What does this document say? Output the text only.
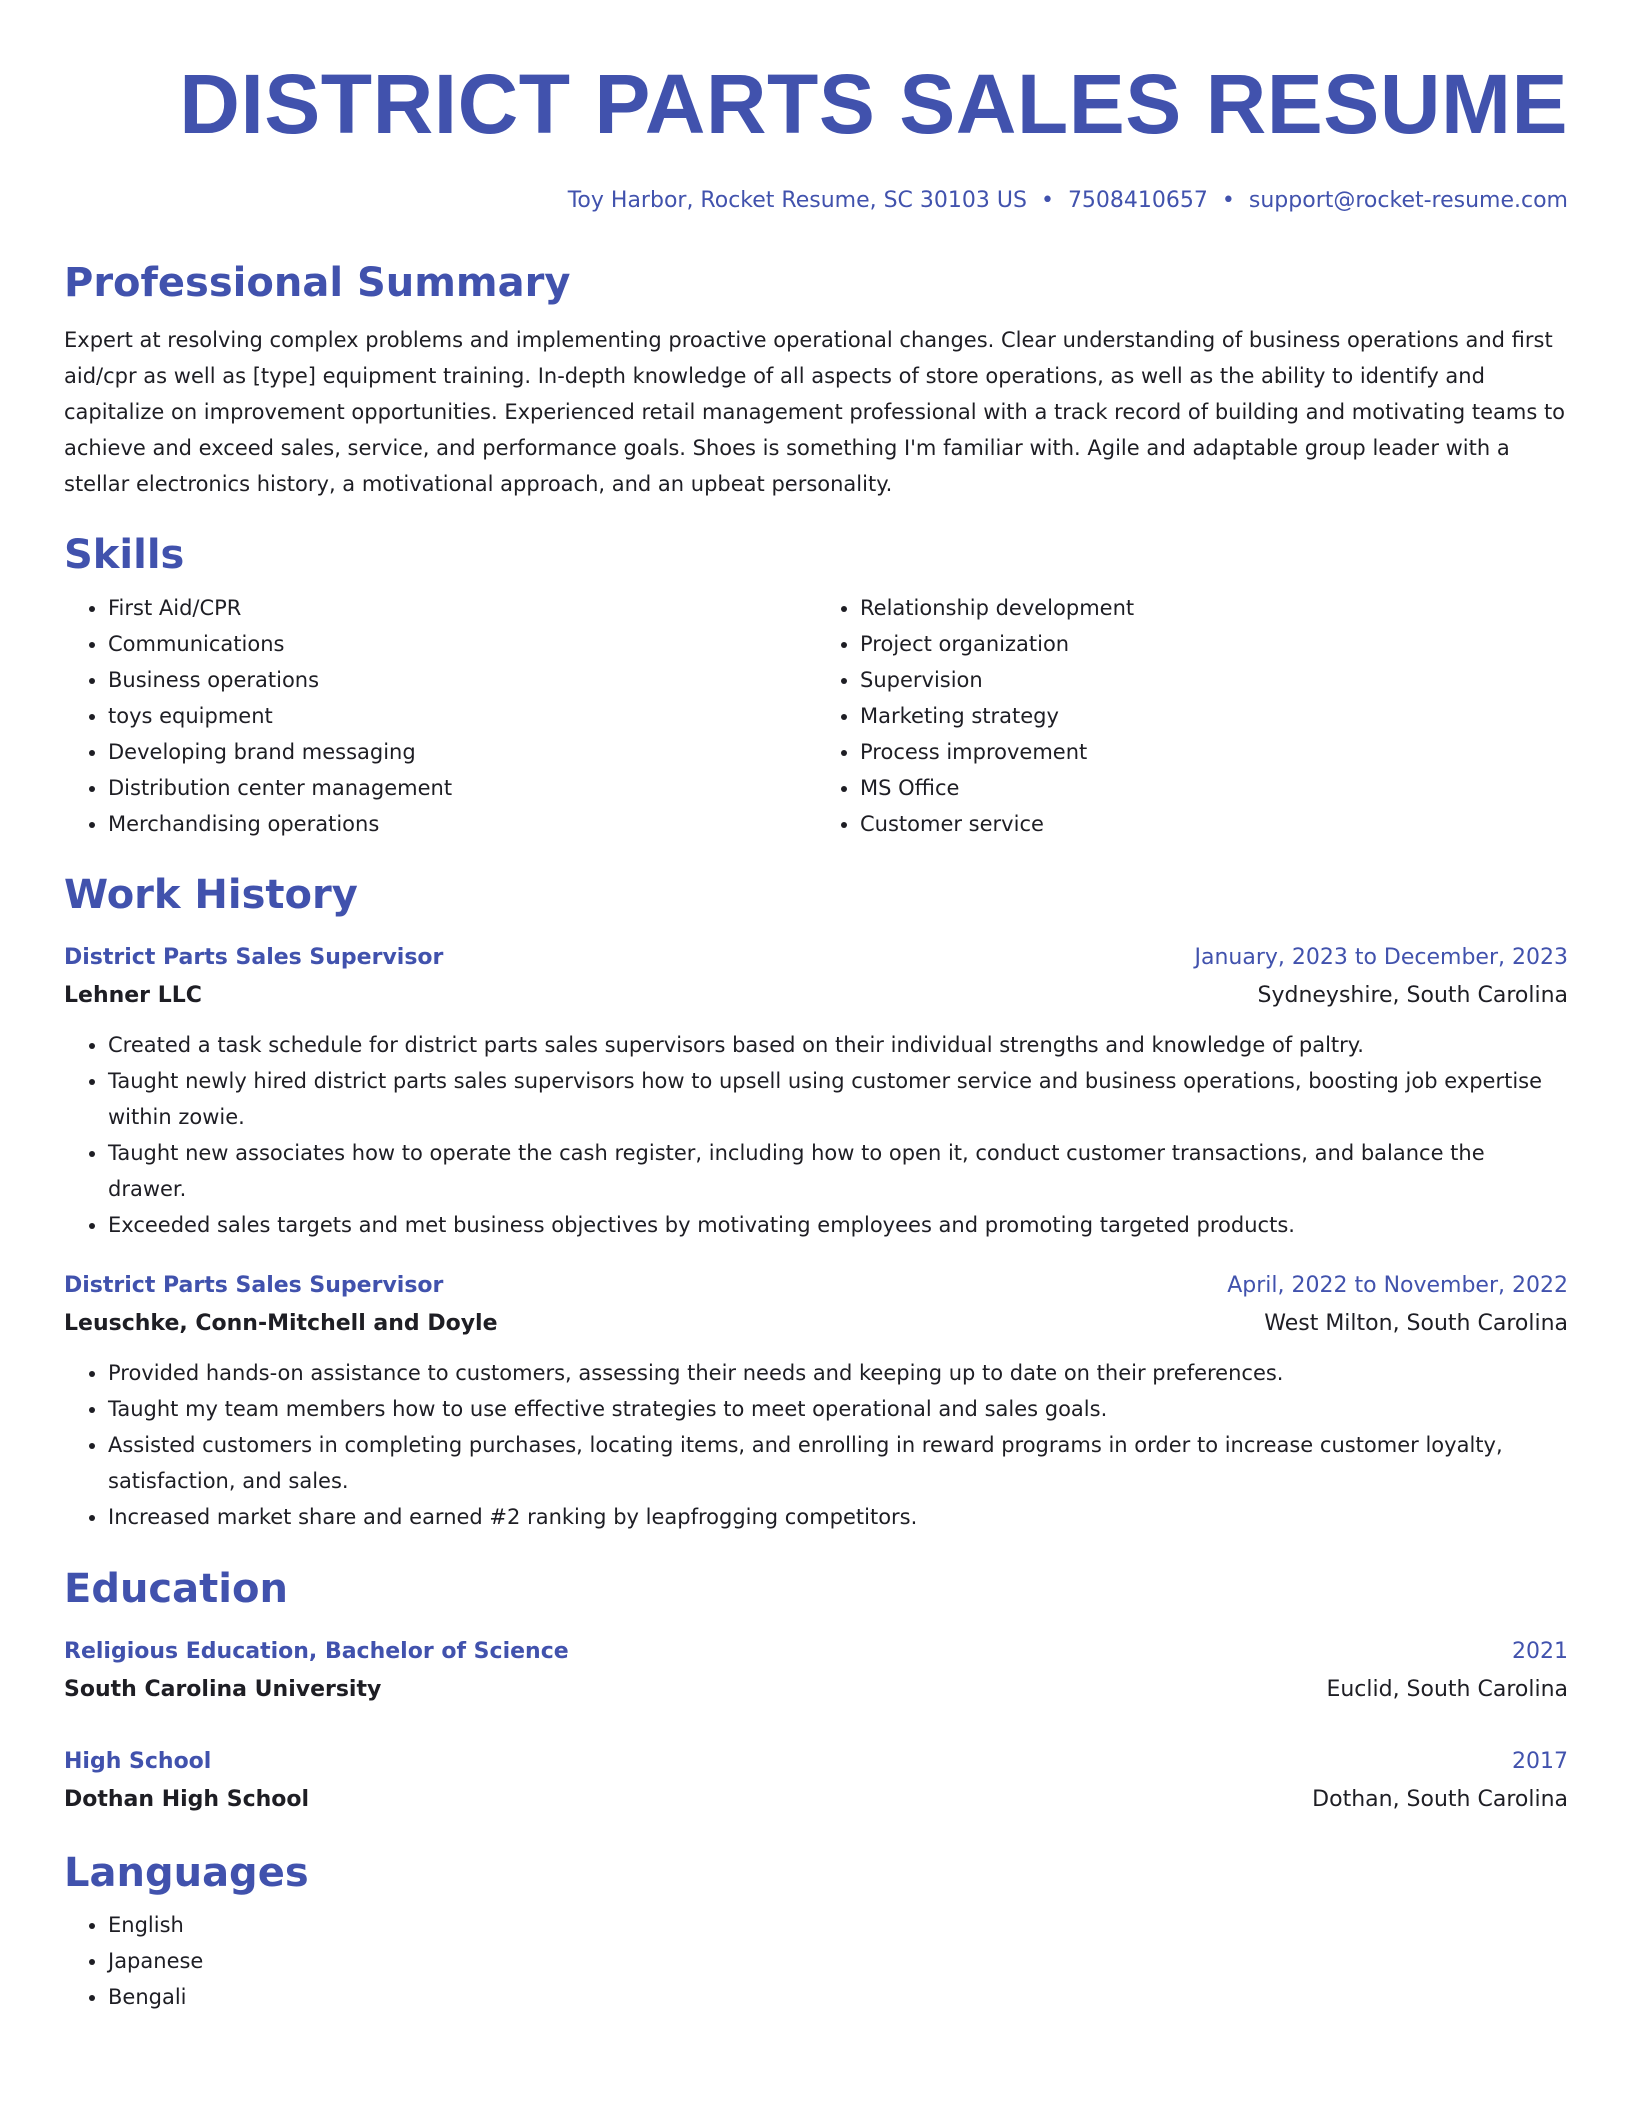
DISTRICT PARTS SALES RESUME
Toy Harbor, Rocket Resume, SC 30103 US • 7508410657 • support@rocket-resume.com
Professional Summary
Expert at resolving complex problems and implementing proactive operational changes. Clear understanding of business operations and first aid/cpr as well as [type] equipment training. In-depth knowledge of all aspects of store operations, as well as the ability to identify and capitalize on improvement opportunities. Experienced retail management professional with a track record of building and motivating teams to achieve and exceed sales, service, and performance goals. Shoes is something I'm familiar with. Agile and adaptable group leader with a stellar electronics history, a motivational approach, and an upbeat personality.
Skills
• First Aid/CPR
• Communications
• Business operations
• toys equipment
• Developing brand messaging
• Distribution center management
• Merchandising operations
• Relationship development
• Project organization
• Supervision
• Marketing strategy
• Process improvement
• MS Office
• Customer service
Work History
District Parts Sales Supervisor	January, 2023 to December, 2023
Lehner LLC	Sydneyshire, South Carolina
• Created a task schedule for district parts sales supervisors based on their individual strengths and knowledge of paltry.
• Taught newly hired district parts sales supervisors how to upsell using customer service and business operations, boosting job expertise within zowie.
• Taught new associates how to operate the cash register, including how to open it, conduct customer transactions, and balance the drawer.
• Exceeded sales targets and met business objectives by motivating employees and promoting targeted products.
District Parts Sales Supervisor	April, 2022 to November, 2022
Leuschke, Conn-Mitchell and Doyle	West Milton, South Carolina
• Provided hands-on assistance to customers, assessing their needs and keeping up to date on their preferences.
• Taught my team members how to use effective strategies to meet operational and sales goals.
• Assisted customers in completing purchases, locating items, and enrolling in reward programs in order to increase customer loyalty, satisfaction, and sales.
• Increased market share and earned #2 ranking by leapfrogging competitors.
Education
Religious Education, Bachelor of Science	2021
South Carolina University	Euclid, South Carolina
High School	2017
Dothan High School	Dothan, South Carolina
Languages
• English
• Japanese
• Bengali
